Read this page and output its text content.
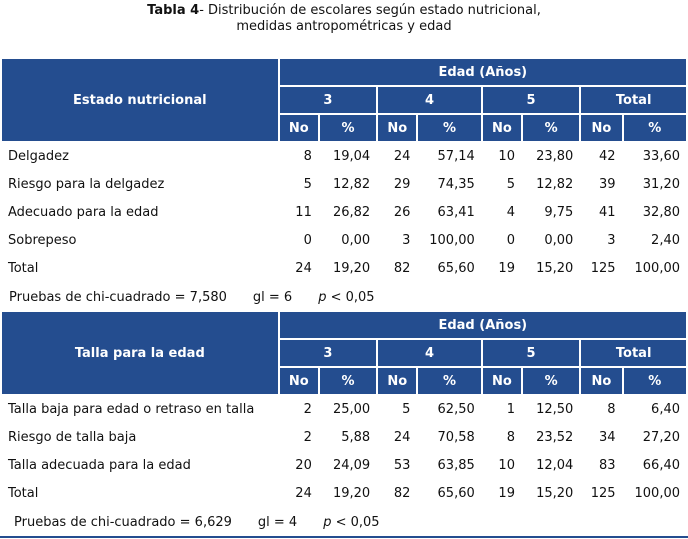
Tabla 4- Distribución de escolares según estado nutricional,
medidas antropométricas y edad
Estado nutricional	Edad (Años)							
	3		4		5		Total	
	No	%	No	%	No	%	No	%
Delgadez	8	19,04	24	57,14	10	23,80	42	33,60
Riesgo para la delgadez	5	12,82	29	74,35	5	12,82	39	31,20
Adecuado para la edad	11	26,82	26	63,41	4	9,75	41	32,80
Sobrepeso	0	0,00	3	100,00	0	0,00	3	2,40
Total	24	19,20	82	65,60	19	15,20	125	100,00
Pruebas de chi-cuadrado = 7,580 gl = 6 p < 0,05
Talla para la edad	Edad (Años)							
	3		4		5		Total	
	No	%	No	%	No	%	No	%
Talla baja para edad o retraso en talla	2	25,00	5	62,50	1	12,50	8	6,40
Riesgo de talla baja	2	5,88	24	70,58	8	23,52	34	27,20
Talla adecuada para la edad	20	24,09	53	63,85	10	12,04	83	66,40
Total	24	19,20	82	65,60	19	15,20	125	100,00
Pruebas de chi-cuadrado = 6,629 gl = 4 p < 0,05
